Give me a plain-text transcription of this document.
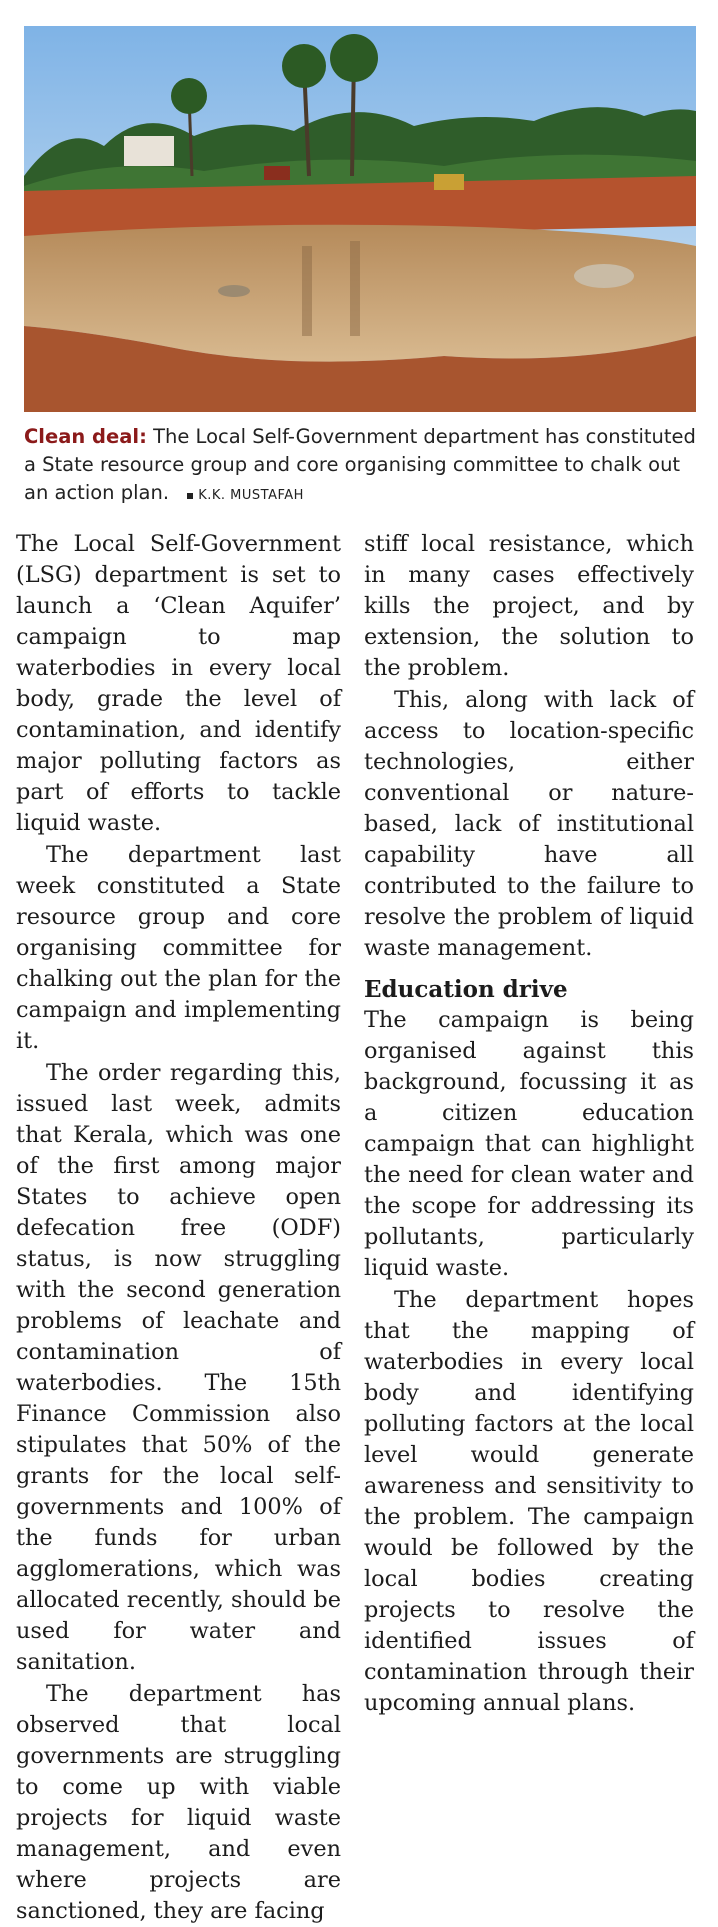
Clean deal: The Local Self-Government department has constituted a State resource group and core organising committee to chalk out an action plan. K.K. MUSTAFAH

The Local Self-Government (LSG) department is set to launch a ‘Clean Aquifer’ campaign to map waterbodies in every local body, grade the level of contamination, and identify major polluting factors as part of efforts to tackle liquid waste.

The department last week constituted a State resource group and core organising committee for chalking out the plan for the campaign and implementing it.

The order regarding this, issued last week, admits that Kerala, which was one of the first among major States to achieve open defecation free (ODF) status, is now struggling with the second generation problems of leachate and contamination of waterbodies. The 15th Finance Commission also stipulates that 50% of the grants for the local self-governments and 100% of the funds for urban agglomerations, which was allocated recently, should be used for water and sanitation.

The department has observed that local governments are struggling to come up with viable projects for liquid waste management, and even where projects are sanctioned, they are facing

stiff local resistance, which in many cases effectively kills the project, and by extension, the solution to the problem.

This, along with lack of access to location-specific technologies, either conventional or nature-based, lack of institutional capability have all contributed to the failure to resolve the problem of liquid waste management.

Education drive

The campaign is being organised against this background, focussing it as a citizen education campaign that can highlight the need for clean water and the scope for addressing its pollutants, particularly liquid waste.

The department hopes that the mapping of waterbodies in every local body and identifying polluting factors at the local level would generate awareness and sensitivity to the problem. The campaign would be followed by the local bodies creating projects to resolve the identified issues of contamination through their upcoming annual plans.
